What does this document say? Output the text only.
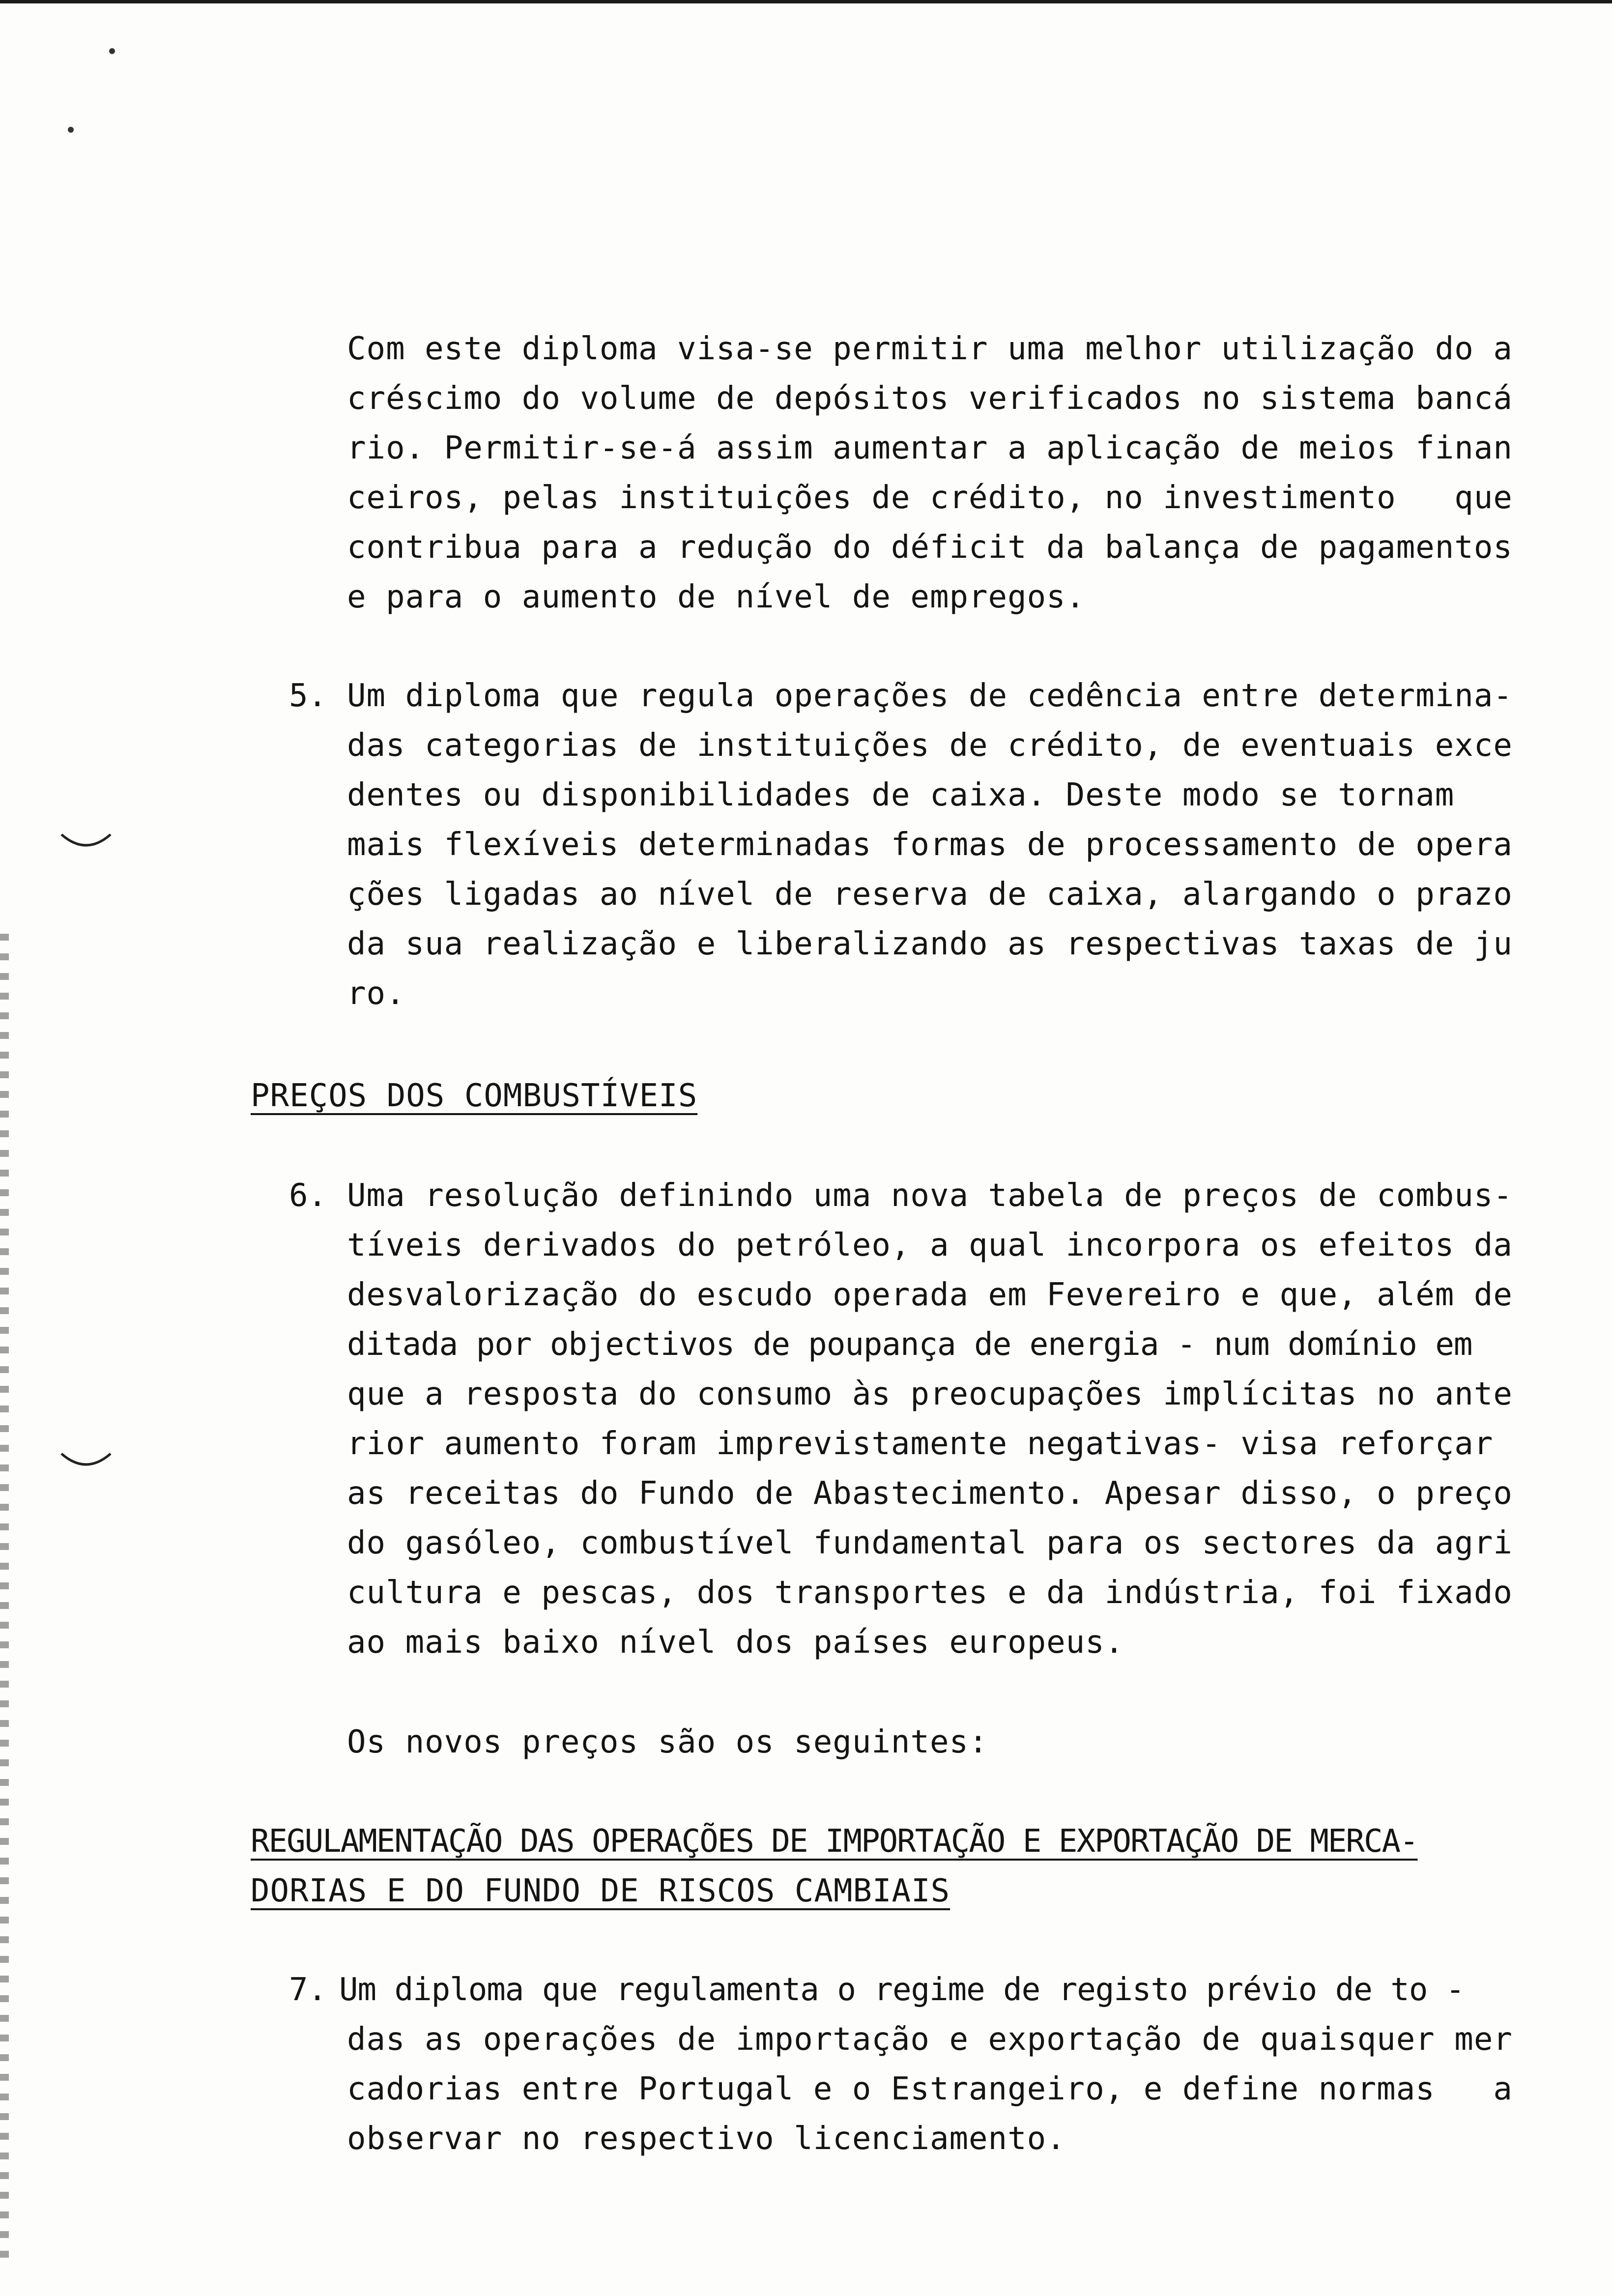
Com este diploma visa-se permitir uma melhor utilização do a
créscimo do volume de depósitos verificados no sistema bancá
rio. Permitir-se-á assim aumentar a aplicação de meios finan
ceiros, pelas instituições de crédito, no investimento   que
contribua para a redução do déficit da balança de pagamentos
e para o aumento de nível de empregos.
5. Um diploma que regula operações de cedência entre determina-
das categorias de instituições de crédito, de eventuais exce
dentes ou disponibilidades de caixa. Deste modo se tornam
mais flexíveis determinadas formas de processamento de opera
ções ligadas ao nível de reserva de caixa, alargando o prazo
da sua realização e liberalizando as respectivas taxas de ju
ro.
PREÇOS DOS COMBUSTÍVEIS
6. Uma resolução definindo uma nova tabela de preços de combus-
tíveis derivados do petróleo, a qual incorpora os efeitos da
desvalorização do escudo operada em Fevereiro e que, além de
ditada por objectivos de poupança de energia - num domínio em
que a resposta do consumo às preocupações implícitas no ante
rior aumento foram imprevistamente negativas- visa reforçar
as receitas do Fundo de Abastecimento. Apesar disso, o preço
do gasóleo, combustível fundamental para os sectores da agri
cultura e pescas, dos transportes e da indústria, foi fixado
ao mais baixo nível dos países europeus.
Os novos preços são os seguintes:
REGULAMENTAÇÃO DAS OPERAÇÕES DE IMPORTAÇÃO E EXPORTAÇÃO DE MERCA-
DORIAS E DO FUNDO DE RISCOS CAMBIAIS
7. Um diploma que regulamenta o regime de registo prévio de to -
das as operações de importação e exportação de quaisquer mer
cadorias entre Portugal e o Estrangeiro, e define normas   a
observar no respectivo licenciamento.
